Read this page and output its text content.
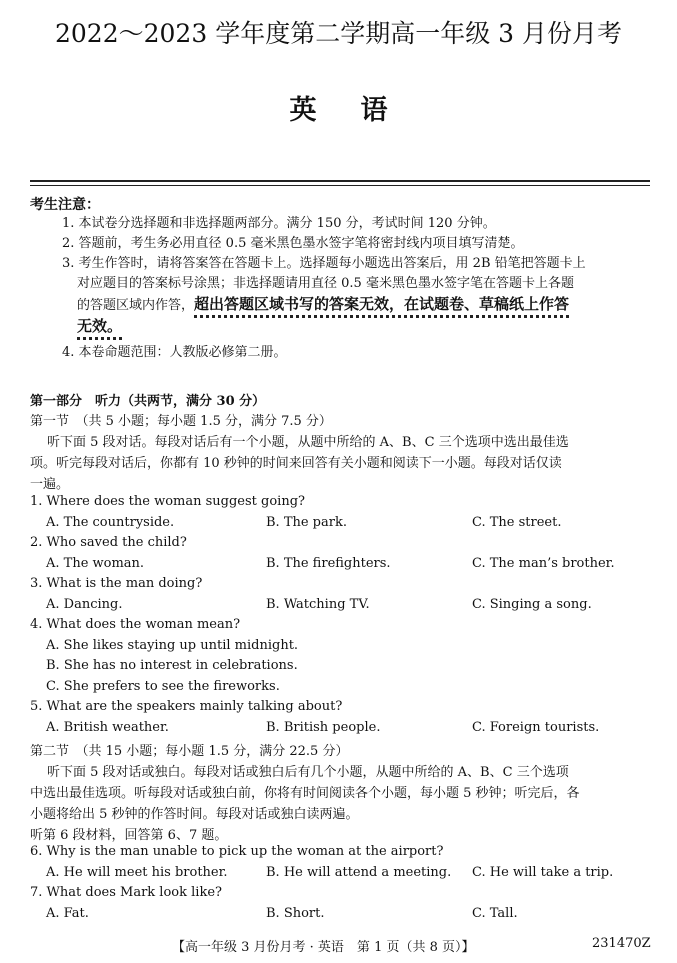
2022～2023 学年度第二学期高一年级 3 月份月考
英语
考生注意：
1. 本试卷分选择题和非选择题两部分。满分 150 分，考试时间 120 分钟。
2. 答题前，考生务必用直径 0.5 毫米黑色墨水签字笔将密封线内项目填写清楚。
3. 考生作答时，请将答案答在答题卡上。选择题每小题选出答案后，用 2B 铅笔把答题卡上
对应题目的答案标号涂黑；非选择题请用直径 0.5 毫米黑色墨水签字笔在答题卡上各题
的答题区域内作答，超出答题区域书写的答案无效，在试题卷、草稿纸上作答
无效。
4. 本卷命题范围：人教版必修第二册。
第一部分　听力（共两节，满分 30 分）
第一节　（共 5 小题；每小题 1.5 分，满分 7.5 分）
听下面 5 段对话。每段对话后有一个小题，从题中所给的 A、B、C 三个选项中选出最佳选
项。听完每段对话后，你都有 10 秒钟的时间来回答有关小题和阅读下一小题。每段对话仅读
一遍。
1. Where does the woman suggest going?
A. The countryside.	B. The park.	C. The street.
2. Who saved the child?
A. The woman.	B. The firefighters.	C. The man’s brother.
3. What is the man doing?
A. Dancing.	B. Watching TV.	C. Singing a song.
4. What does the woman mean?
A. She likes staying up until midnight.
B. She has no interest in celebrations.
C. She prefers to see the fireworks.
5. What are the speakers mainly talking about?
A. British weather.	B. British people.	C. Foreign tourists.
第二节　（共 15 小题；每小题 1.5 分，满分 22.5 分）
听下面 5 段对话或独白。每段对话或独白后有几个小题，从题中所给的 A、B、C 三个选项
中选出最佳选项。听每段对话或独白前，你将有时间阅读各个小题，每小题 5 秒钟；听完后，各
小题将给出 5 秒钟的作答时间。每段对话或独白读两遍。
听第 6 段材料，回答第 6、7 题。
6. Why is the man unable to pick up the woman at the airport?
A. He will meet his brother.	B. He will attend a meeting. C. He will take a trip.
7. What does Mark look like?
A. Fat.	B. Short.	C. Tall.
【高一年级 3 月份月考 · 英语　第 1 页（共 8 页）】	231470Z
